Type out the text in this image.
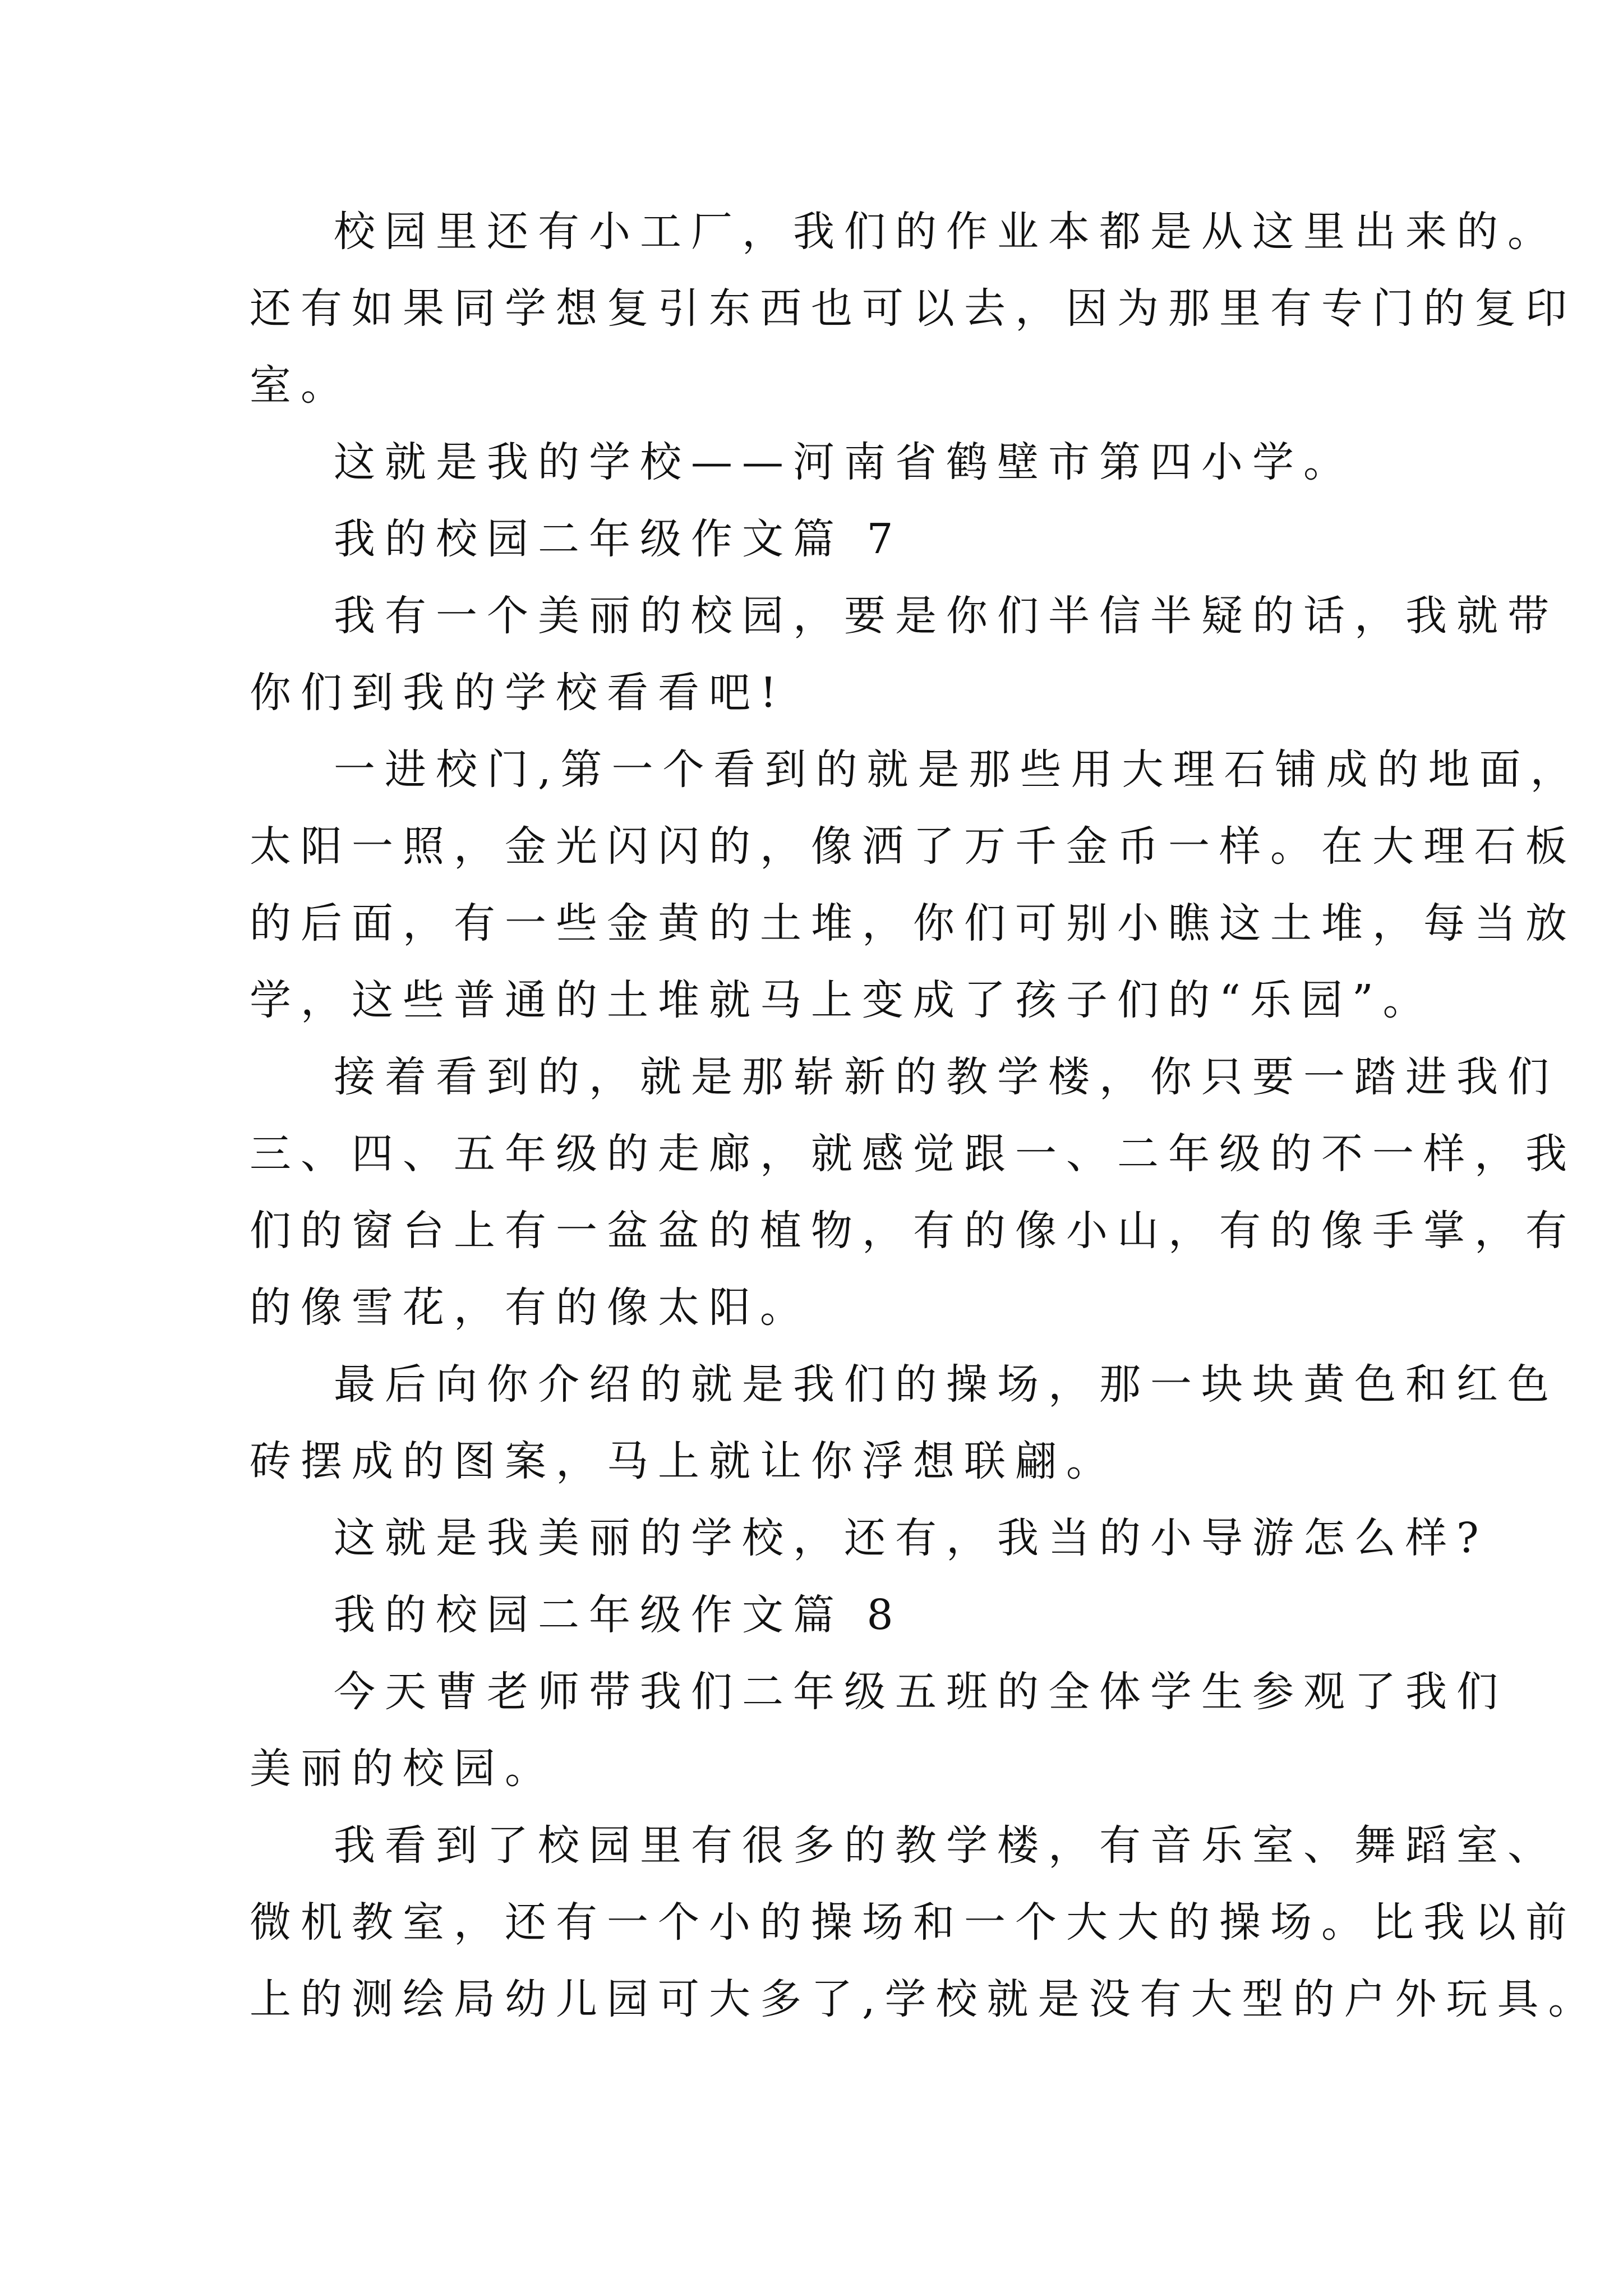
校园里还有小工厂，我们的作业本都是从这里出来的。
还有如果同学想复引东西也可以去，因为那里有专门的复印
室。
这就是我的学校——河南省鹤壁市第四小学。
我的校园二年级作文篇 7
我有一个美丽的校园，要是你们半信半疑的话，我就带
你们到我的学校看看吧!
一进校门,第一个看到的就是那些用大理石铺成的地面，
太阳一照，金光闪闪的，像洒了万千金币一样。在大理石板
的后面，有一些金黄的土堆，你们可别小瞧这土堆，每当放
学，这些普通的土堆就马上变成了孩子们的“乐园”。
接着看到的，就是那崭新的教学楼，你只要一踏进我们
三、四、五年级的走廊，就感觉跟一、二年级的不一样，我
们的窗台上有一盆盆的植物，有的像小山，有的像手掌，有
的像雪花，有的像太阳。
最后向你介绍的就是我们的操场，那一块块黄色和红色
砖摆成的图案，马上就让你浮想联翩。
这就是我美丽的学校，还有，我当的小导游怎么样?
我的校园二年级作文篇 8
今天曹老师带我们二年级五班的全体学生参观了我们
美丽的校园。
我看到了校园里有很多的教学楼，有音乐室、舞蹈室、
微机教室，还有一个小的操场和一个大大的操场。比我以前
上的测绘局幼儿园可大多了,学校就是没有大型的户外玩具。
